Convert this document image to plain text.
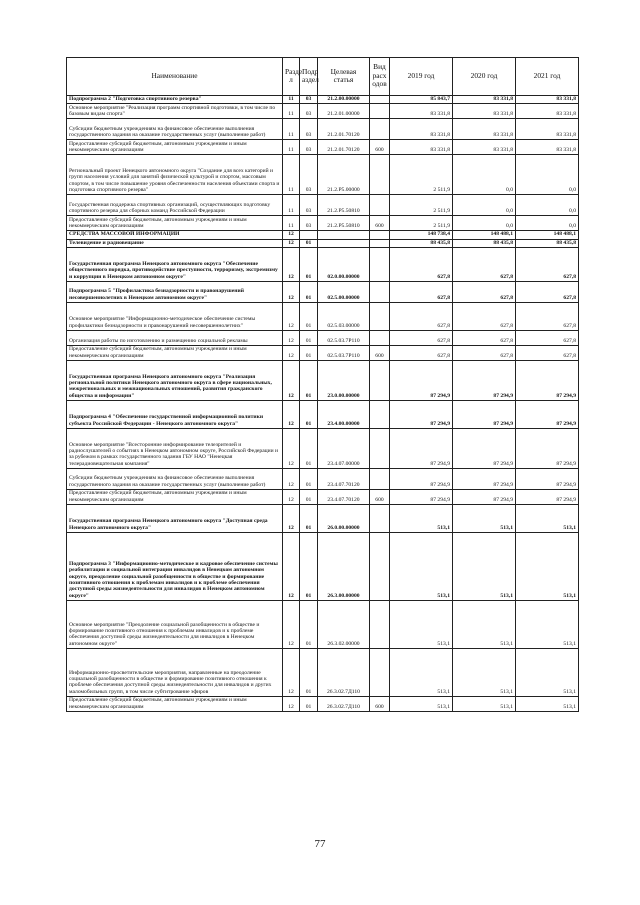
Наименование	Разде л	Подр аздел	Целевая статья	Вид расх одов	2019 год	2020 год	2021 год
Подпрограмма 2 "Подготовка спортивного резерва"	11	03	21.2.00.00000		85 843,7	83 331,8	83 331,8
Основное мероприятие "Реализация программ спортивной подготовки, в том числе по базовым видам спорта"	11	03	21.2.01.00000		83 331,8	83 331,8	83 331,8
Субсидии бюджетным учреждениям на финансовое обеспечение выполнения государственного задания на оказание государственных услуг (выполнение работ)	11	03	21.2.01.70120		83 331,8	83 331,8	83 331,8
Предоставление субсидий бюджетным, автономным учреждениям и иным некоммерческим организациям	11	03	21.2.01.70120	600	83 331,8	83 331,8	83 331,8
Региональный проект Ненецкого автономного округа "Создание для всех категорий и групп населения условий для занятий физической культурой и спортом, массовым спортом, в том числе повышение уровня обеспеченности населения объектами спорта и подготовка спортивного резерва"	11	03	21.2.P5.00000		2 511,9	0,0	0,0
Государственная поддержка спортивных организаций, осуществляющих подготовку спортивного резерва для сборных команд Российской Федерации	11	03	21.2.P5.50810		2 511,9	0,0	0,0
Предоставление субсидий бюджетным, автономным учреждениям и иным некоммерческим организациям	11	03	21.2.P5.50810	600	2 511,9	0,0	0,0
СРЕДСТВА МАССОВОЙ ИНФОРМАЦИИ	12				148 738,4	148 488,1	148 488,1
Телевидение и радиовещание	12	01			88 435,8	88 435,8	88 435,8
Государственная программа Ненецкого автономного округа "Обеспечение общественного порядка, противодействие преступности, терроризму, экстремизму и коррупции в Ненецком автономном округе"	12	01	02.0.00.00000		627,8	627,8	627,8
Подпрограмма 5 "Профилактика безнадзорности и правонарушений несовершеннолетних в Ненецком автономном округе"	12	01	02.5.00.00000		627,8	627,8	627,8
Основное мероприятие "Информационно-методическое обеспечение системы профилактики безнадзорности и правонарушений несовершеннолетних"	12	01	02.5.03.00000		627,8	627,8	627,8
Организация работы по изготовлению и размещению социальной рекламы	12	01	02.5.03.7Р110		627,8	627,8	627,8
Предоставление субсидий бюджетным, автономным учреждениям и иным некоммерческим организациям	12	01	02.5.03.7Р110	600	627,8	627,8	627,8
Государственная программа Ненецкого автономного округа "Реализация региональной политики Ненецкого автономного округа в сфере национальных, межрегиональных и межнациональных отношений, развития гражданского общества и информации"	12	01	23.0.00.00000		87 294,9	87 294,9	87 294,9
Подпрограмма 4 "Обеспечение государственной информационной политики субъекта Российской Федерации - Ненецкого автономного округа"	12	01	23.4.00.00000		87 294,9	87 294,9	87 294,9
Основное мероприятие "Всесторонние информирование телезрителей и радиослушателей о событиях в Ненецком автономном округе, Российской Федерации и за рубежом в рамках государственного задания ГБУ НАО "Ненецкая телерадиовещательная компания"	12	01	23.4.07.00000		87 294,9	87 294,9	87 294,9
Субсидии бюджетным учреждениям на финансовое обеспечение выполнения государственного задания на оказание государственных услуг (выполнение работ)	12	01	23.4.07.70120		87 294,9	87 294,9	87 294,9
Предоставление субсидий бюджетным, автономным учреждениям и иным некоммерческим организациям	12	01	23.4.07.70120	600	87 294,9	87 294,9	87 294,9
Государственная программа Ненецкого автономного округа "Доступная среда Ненецкого автономного округа"	12	01	26.0.00.00000		513,1	513,1	513,1
Подпрограмма 3 "Информационно-методическое и кадровое обеспечение системы реабилитации и социальной интеграции инвалидов в Ненецком автономном округе, преодоление социальной разобщенности в обществе и формирование позитивного отношения к проблемам инвалидов и к проблеме обеспечения доступной среды жизнедеятельности для инвалидов в Ненецком автономном округе"	12	01	26.3.00.00000		513,1	513,1	513,1
Основное мероприятие "Преодоление социальной разобщенности в обществе и формирование позитивного отношения к проблемам инвалидов и к проблеме обеспечения доступной среды жизнедеятельности для инвалидов в Ненецком автономном округе"	12	01	26.3.02.00000		513,1	513,1	513,1
Информационно-просветительские мероприятия, направленные на преодоление социальной разобщенности в обществе и формирование позитивного отношения к проблеме обеспечения доступной среды жизнедеятельности для инвалидов и других маломобильных групп, в том числе субтитрование эфиров	12	01	26.3.02.7Д110		513,1	513,1	513,1
Предоставление субсидий бюджетным, автономным учреждениям и иным некоммерческим организациям	12	01	26.3.02.7Д110	600	513,1	513,1	513,1
77
